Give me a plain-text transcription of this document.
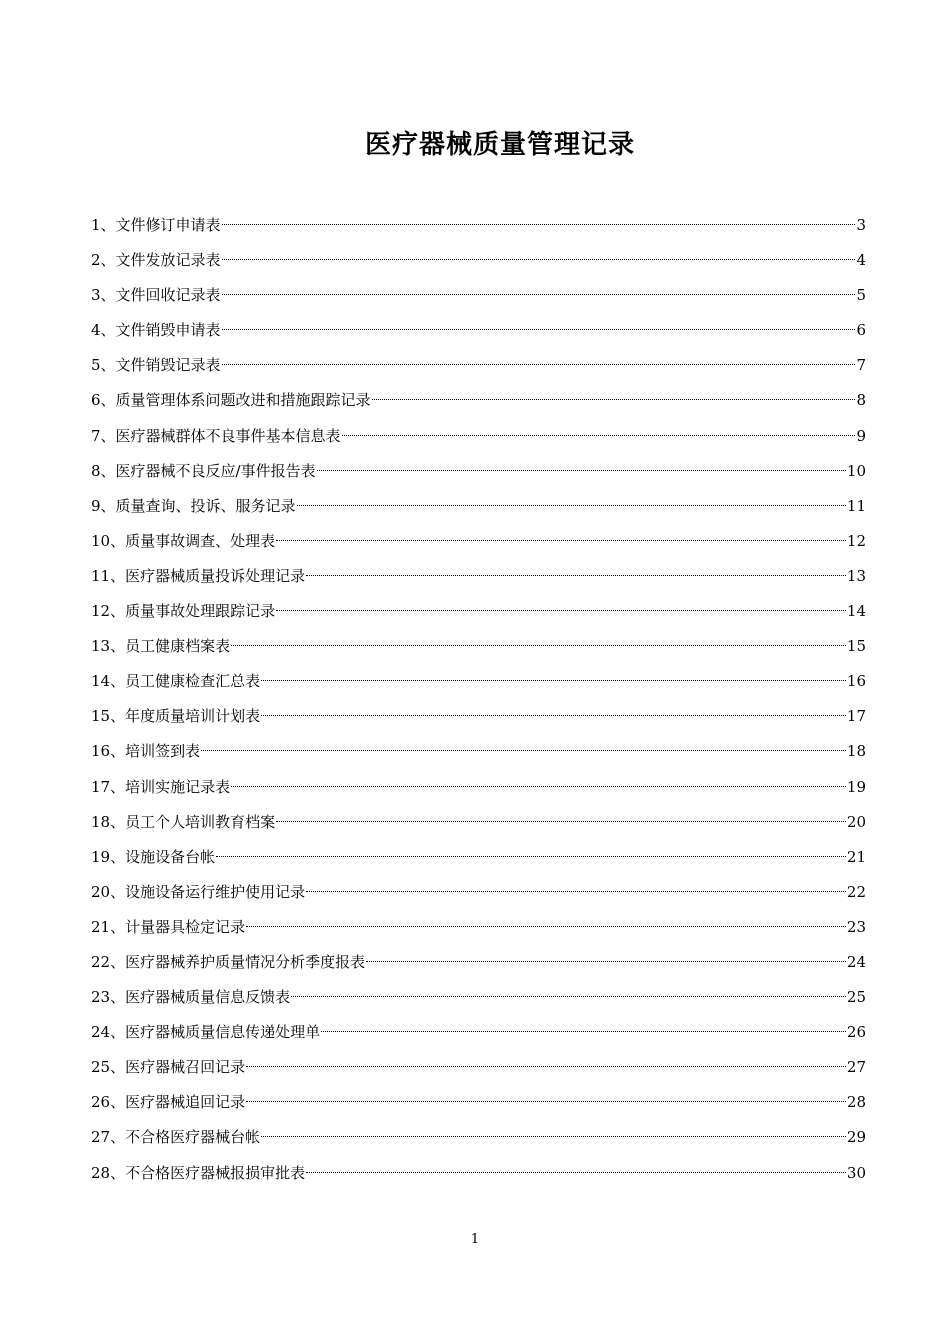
医疗器械质量管理记录
1、 文件修订申请表	3
2、 文件发放记录表	4
3、 文件回收记录表	5
4、 文件销毁申请表	6
5、 文件销毁记录表	7
6、 质量管理体系问题改进和措施跟踪记录	8
7、 医疗器械群体不良事件基本信息表	9
8、 医疗器械不良反应/事件报告表	10
9、 质量查询、投诉、服务记录	11
10、 质量事故调查、处理表	12
11、 医疗器械质量投诉处理记录	13
12、 质量事故处理跟踪记录	14
13、 员工健康档案表	15
14、 员工健康检查汇总表	16
15、 年度质量培训计划表	17
16、 培训签到表	18
17、 培训实施记录表	19
18、 员工个人培训教育档案	20
19、 设施设备台帐	21
20、 设施设备运行维护使用记录	22
21、 计量器具检定记录	23
22、 医疗器械养护质量情况分析季度报表	24
23、 医疗器械质量信息反馈表	25
24、 医疗器械质量信息传递处理单	26
25、 医疗器械召回记录	27
26、 医疗器械追回记录	28
27、 不合格医疗器械台帐	29
28、 不合格医疗器械报损审批表	30
1
